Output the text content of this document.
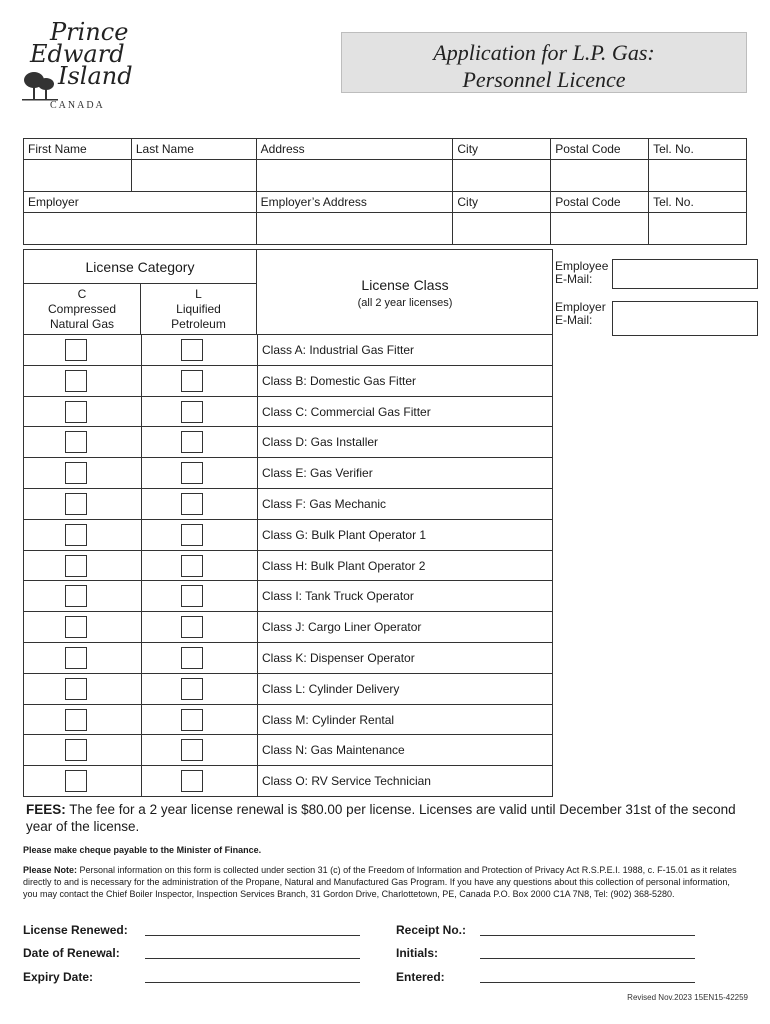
Prince
Edward
Island
CANADA
Application for L.P. Gas:
Personnel Licence
First Name	Last Name	Address	City	Postal Code	Tel. No.

Employer		Employer’s Address	City	Postal Code	Tel. No.

License Category
C
Compressed
Natural Gas
L
Liquified
Petroleum
License Class
(all 2 year licenses)
Class A: Industrial Gas Fitter
Class B: Domestic Gas Fitter
Class C: Commercial Gas Fitter
Class D: Gas Installer
Class E: Gas Verifier
Class F: Gas Mechanic
Class G: Bulk Plant Operator 1
Class H: Bulk Plant Operator 2
Class I: Tank Truck Operator
Class J: Cargo Liner Operator
Class K: Dispenser Operator
Class L: Cylinder Delivery
Class M: Cylinder Rental
Class N: Gas Maintenance
Class O: RV Service Technician
Employee
E-Mail:
Employer
E-Mail:
FEES: The fee for a 2 year license renewal is $80.00 per license. Licenses are valid until December 31st of the second year of the license.
Please make cheque payable to the Minister of Finance.
Please Note: Personal information on this form is collected under section 31 (c) of the Freedom of Information and Protection of Privacy Act R.S.P.E.I. 1988, c. F-15.01 as it relates directly to and is necessary for the administration of the Propane, Natural and Manufactured Gas Program. If you have any questions about this collection of personal information, you may contact the Chief Boiler Inspector, Inspection Services Branch, 31 Gordon Drive, Charlottetown, PE, Canada P.O. Box 2000 C1A 7N8, Tel: (902) 368-5280.
License Renewed:
Date of Renewal:
Expiry Date:
Receipt No.:
Initials:
Entered:
Revised Nov.2023 15EN15-42259
